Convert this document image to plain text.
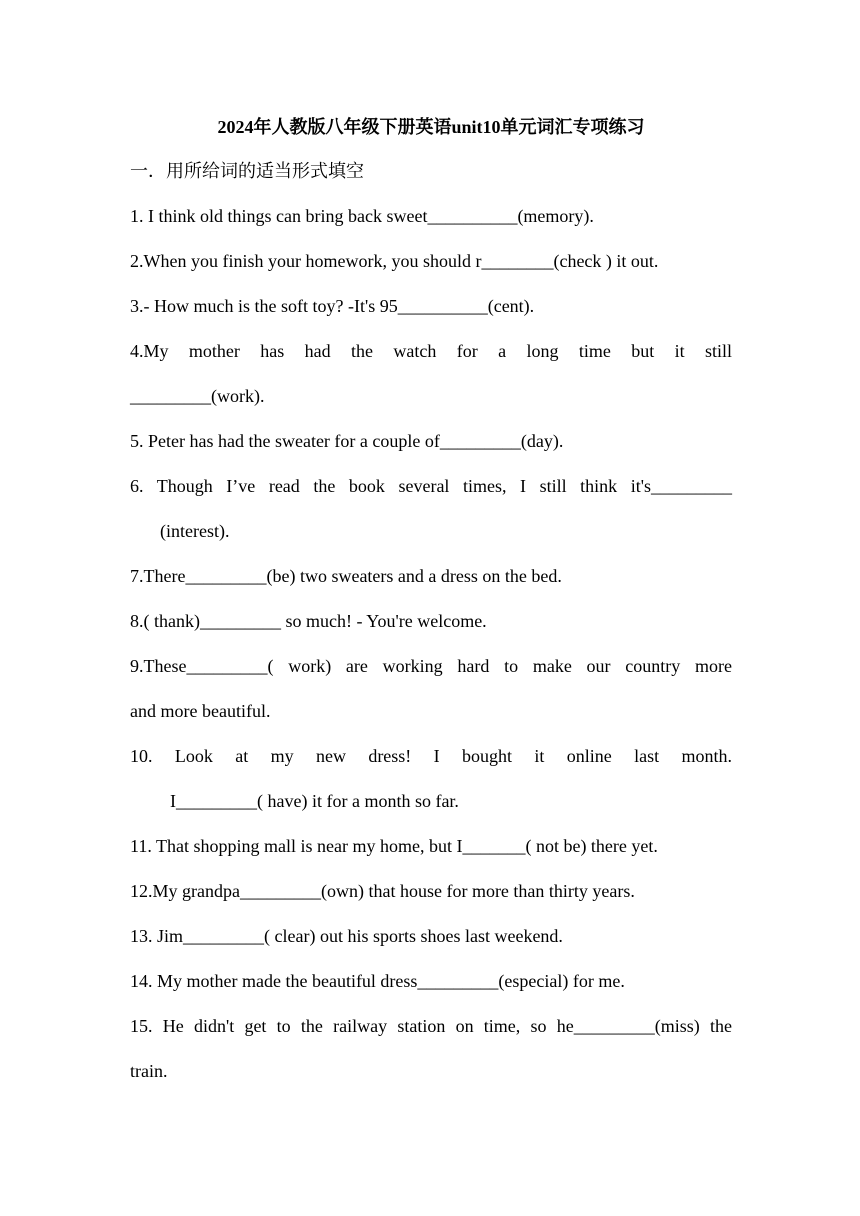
2024年人教版八年级下册英语unit10单元词汇专项练习
一．用所给词的适当形式填空
1. I think old things can bring back sweet__________(memory).
2.When you finish your homework, you should r________(check ) it out.
3.- How much is the soft toy? -It's 95__________(cent).
4.My mother has had the watch for a long time but it still
_________(work).
5. Peter has had the sweater for a couple of_________(day).
6. Though I’ve read the book several times, I still think it's_________
(interest).
7.There_________(be) two sweaters and a dress on the bed.
8.( thank)_________ so much! - You're welcome.
9.These_________( work) are working hard to make our country more
and more beautiful.
10. Look at my new dress! I bought it online last month.
I_________( have) it for a month so far.
11. That shopping mall is near my home, but I_______( not be) there yet.
12.My grandpa_________(own) that house for more than thirty years.
13. Jim_________( clear) out his sports shoes last weekend.
14. My mother made the beautiful dress_________(especial) for me.
15. He didn't get to the railway station on time, so he_________(miss) the
train.
